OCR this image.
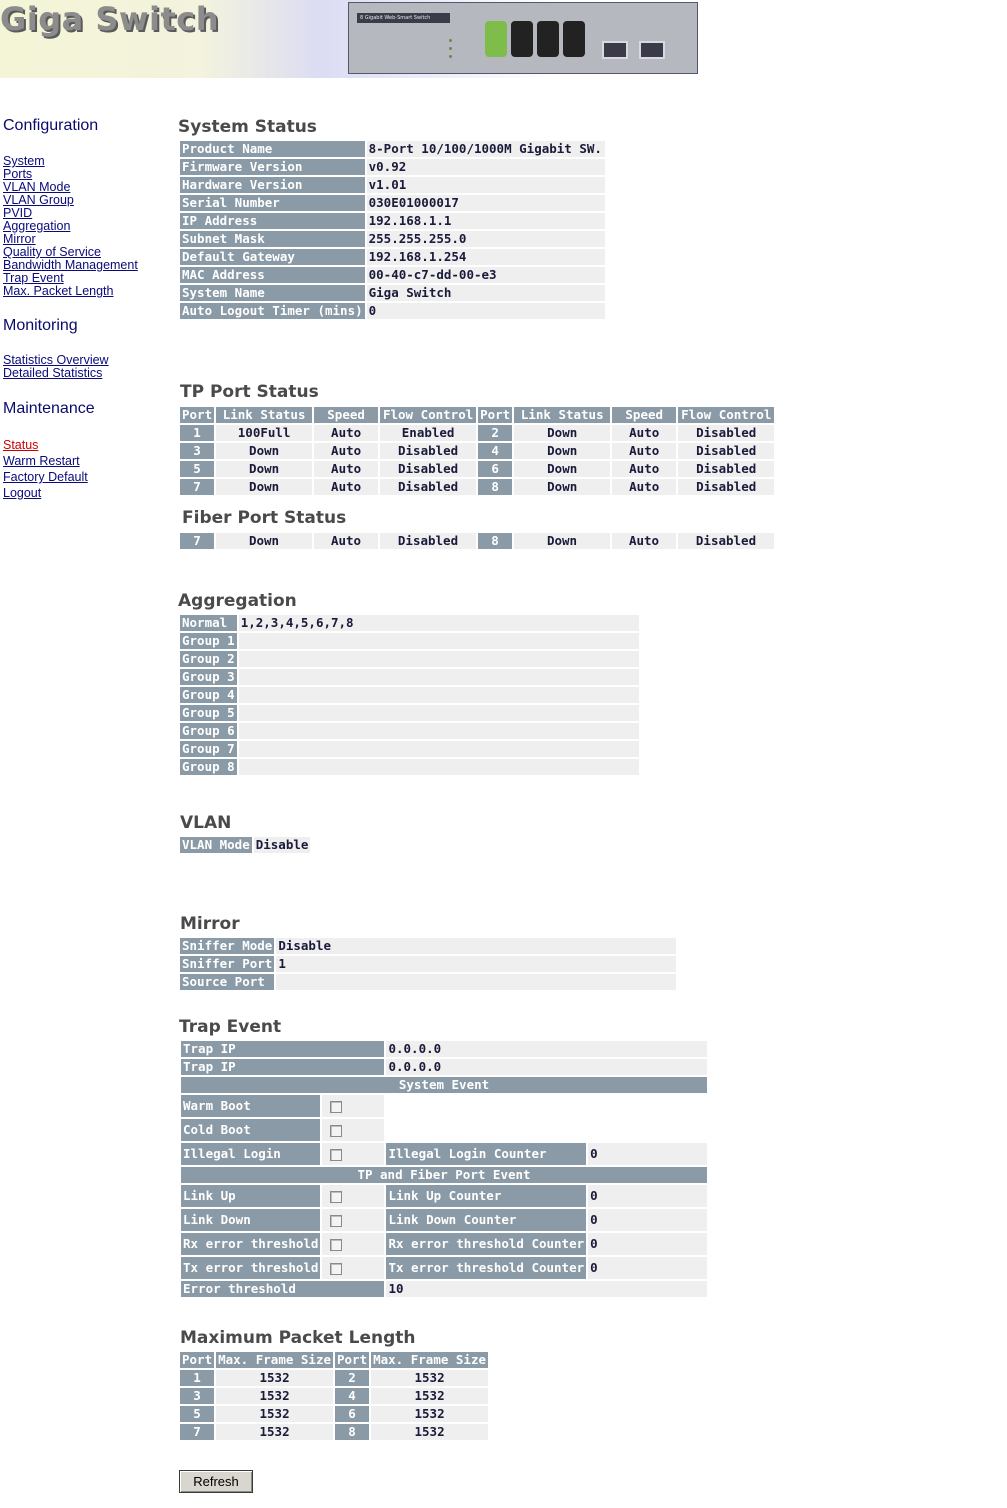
Giga Switch	8 Gigabit Web-Smart Switch
Configuration
System
Ports
VLAN Mode
VLAN Group
PVID
Aggregation
Mirror
Quality of Service
Bandwidth Management
Trap Event
Max. Packet Length
Monitoring
Statistics Overview
Detailed Statistics
Maintenance
Status
Warm Restart
Factory Default
Logout
System Status
Product Name	8-Port 10/100/1000M Gigabit SW.
Firmware Version	v0.92
Hardware Version	v1.01
Serial Number	030E01000017
IP Address	192.168.1.1
Subnet Mask	255.255.255.0
Default Gateway	192.168.1.254
MAC Address	00-40-c7-dd-00-e3
System Name	Giga Switch
Auto Logout Timer (mins)	0
TP Port Status
Port	Link Status	Speed	Flow Control	Port	Link Status	Speed	Flow Control
1	100Full	Auto	Enabled	2	Down	Auto	Disabled
3	Down	Auto	Disabled	4	Down	Auto	Disabled
5	Down	Auto	Disabled	6	Down	Auto	Disabled
7	Down	Auto	Disabled	8	Down	Auto	Disabled
Fiber Port Status
7	Down	Auto	Disabled	8	Down	Auto	Disabled
Aggregation
Normal	1,2,3,4,5,6,7,8
Group 1	
Group 2	
Group 3	
Group 4	
Group 5	
Group 6	
Group 7	
Group 8	
VLAN
VLAN Mode	Disable
Mirror
Sniffer Mode	Disable
Sniffer Port	1
Source Port	
Trap Event
Trap IP		0.0.0.0	
Trap IP		0.0.0.0	
System Event			
Warm Boot			
Cold Boot			
Illegal Login		Illegal Login Counter	0
TP and Fiber Port Event			
Link Up		Link Up Counter	0
Link Down		Link Down Counter	0
Rx error threshold		Rx error threshold Counter	0
Tx error threshold		Tx error threshold Counter	0
Error threshold		10	
Maximum Packet Length
Port	Max. Frame Size	Port	Max. Frame Size
1	1532	2	1532
3	1532	4	1532
5	1532	6	1532
7	1532	8	1532
Refresh
